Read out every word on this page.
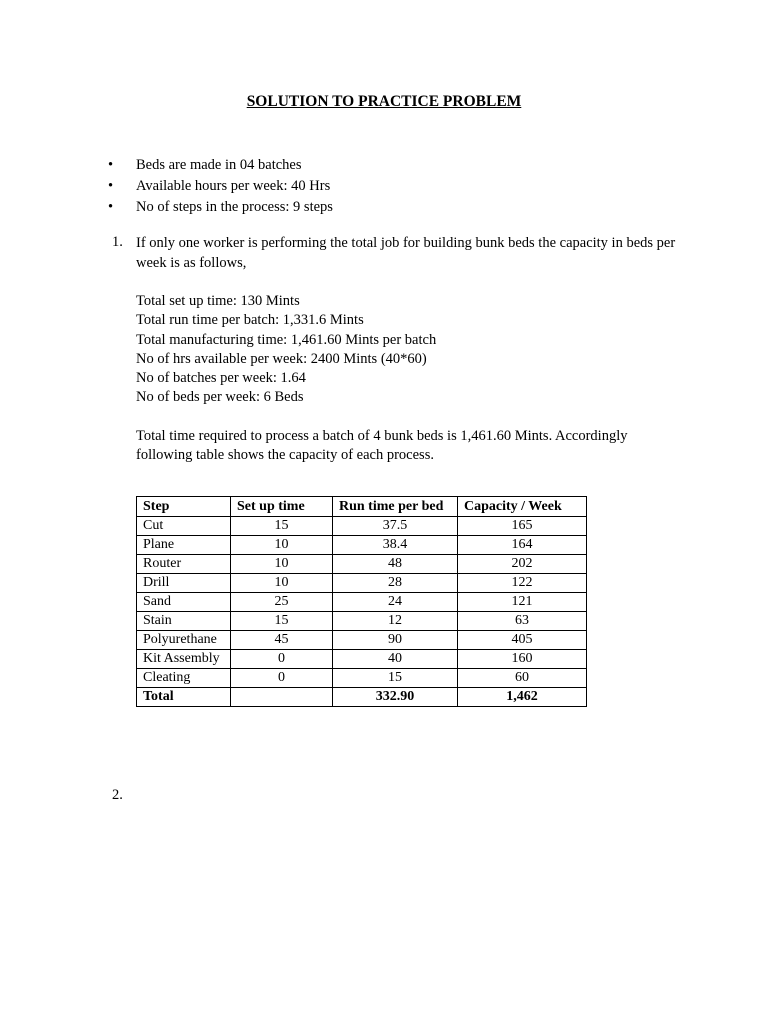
SOLUTION TO PRACTICE PROBLEM
• Beds are made in 04 batches
• Available hours per week: 40 Hrs
• No of steps in the process: 9 steps
1. If only one worker is performing the total job for building bunk beds the capacity in beds per week is as follows,
Total set up time: 130 Mints
Total run time per batch: 1,331.6 Mints
Total manufacturing time: 1,461.60 Mints per batch
No of hrs available per week: 2400 Mints (40*60)
No of batches per week: 1.64
No of beds per week: 6 Beds
Total time required to process a batch of 4 bunk beds is 1,461.60 Mints. Accordingly following table shows the capacity of each process.
Step	Set up time	Run time per bed	Capacity / Week
Cut	15	37.5	165
Plane	10	38.4	164
Router	10	48	202
Drill	10	28	122
Sand	25	24	121
Stain	15	12	63
Polyurethane	45	90	405
Kit Assembly	0	40	160
Cleating	0	15	60
Total		332.90	1,462
2.
